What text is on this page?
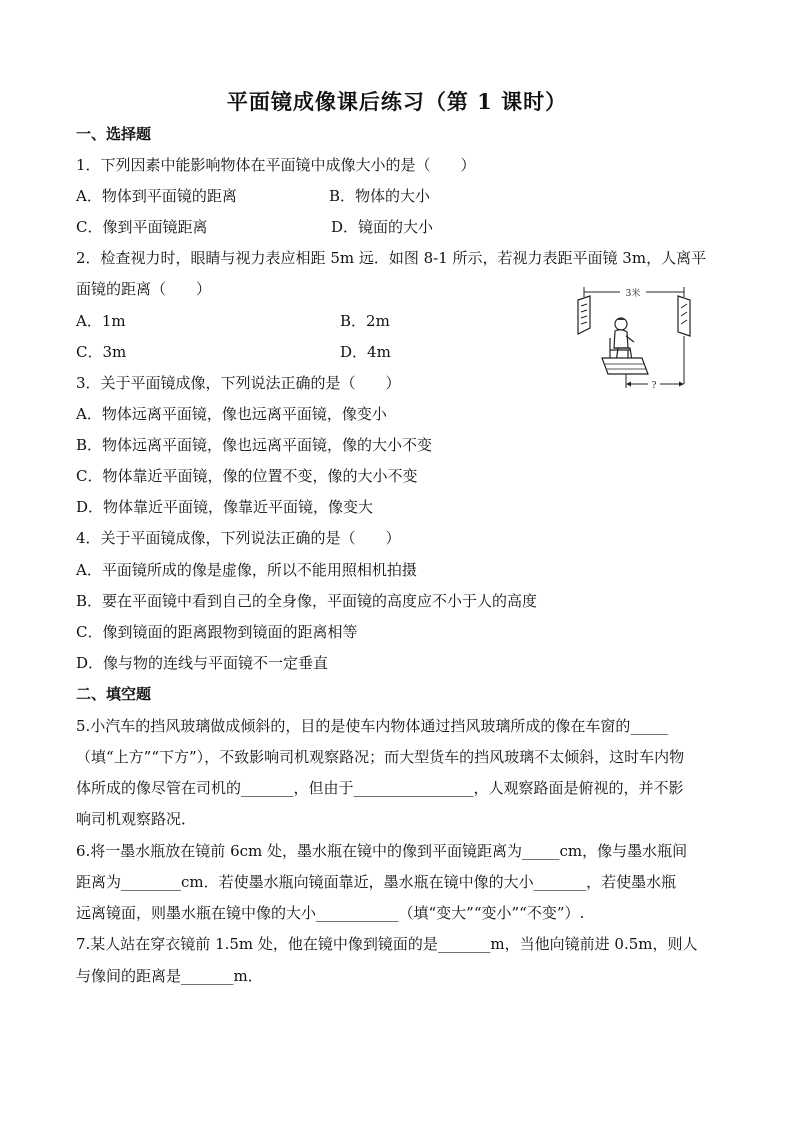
平面镜成像课后练习（第 1 课时）
一、选择题
1．下列因素中能影响物体在平面镜中成像大小的是（　　）
A．物体到平面镜的距离	B．物体的大小
C．像到平面镜距离	D．镜面的大小
2．检查视力时，眼睛与视力表应相距 5m 远．如图 8-1 所示，若视力表距平面镜 3m，人离平
面镜的距离（　　）
A．1m	B．2m
C．3m	D．4m
3米
?
3．关于平面镜成像，下列说法正确的是（　　）
A．物体远离平面镜，像也远离平面镜，像变小
B．物体远离平面镜，像也远离平面镜，像的大小不变
C．物体靠近平面镜，像的位置不变，像的大小不变
D．物体靠近平面镜，像靠近平面镜，像变大
4．关于平面镜成像，下列说法正确的是（　　）
A．平面镜所成的像是虚像，所以不能用照相机拍摄
B．要在平面镜中看到自己的全身像，平面镜的高度应不小于人的高度
C．像到镜面的距离跟物到镜面的距离相等
D．像与物的连线与平面镜不一定垂直
二、填空题
5.小汽车的挡风玻璃做成倾斜的，目的是使车内物体通过挡风玻璃所成的像在车窗的_____
（填“上方”“下方”），不致影响司机观察路况；而大型货车的挡风玻璃不太倾斜，这时车内物
体所成的像尽管在司机的_______，但由于________________，人观察路面是俯视的，并不影
响司机观察路况．
6.将一墨水瓶放在镜前 6cm 处，墨水瓶在镜中的像到平面镜距离为_____cm，像与墨水瓶间
距离为________cm．若使墨水瓶向镜面靠近，墨水瓶在镜中像的大小_______，若使墨水瓶
远离镜面，则墨水瓶在镜中像的大小___________（填“变大”“变小”“不变”）.
7.某人站在穿衣镜前 1.5m 处，他在镜中像到镜面的是_______m，当他向镜前进 0.5m，则人
与像间的距离是_______m．
